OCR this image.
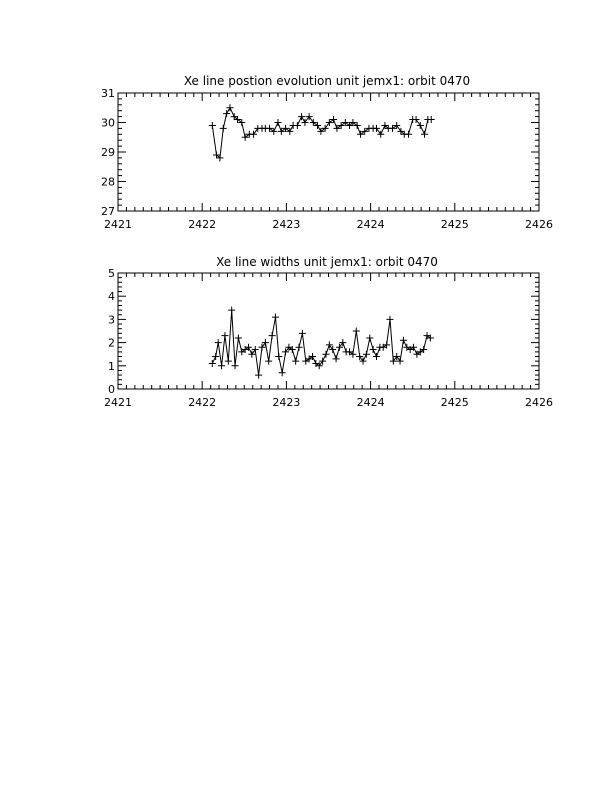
Xe line postion evolution unit jemx1: orbit 0470
2421	2422	2423	2424	2425	2426
27
28
29
30
31
Xe line widths unit jemx1: orbit 0470
2421	2422	2423	2424	2425	2426
0
1
2
3
4
5
